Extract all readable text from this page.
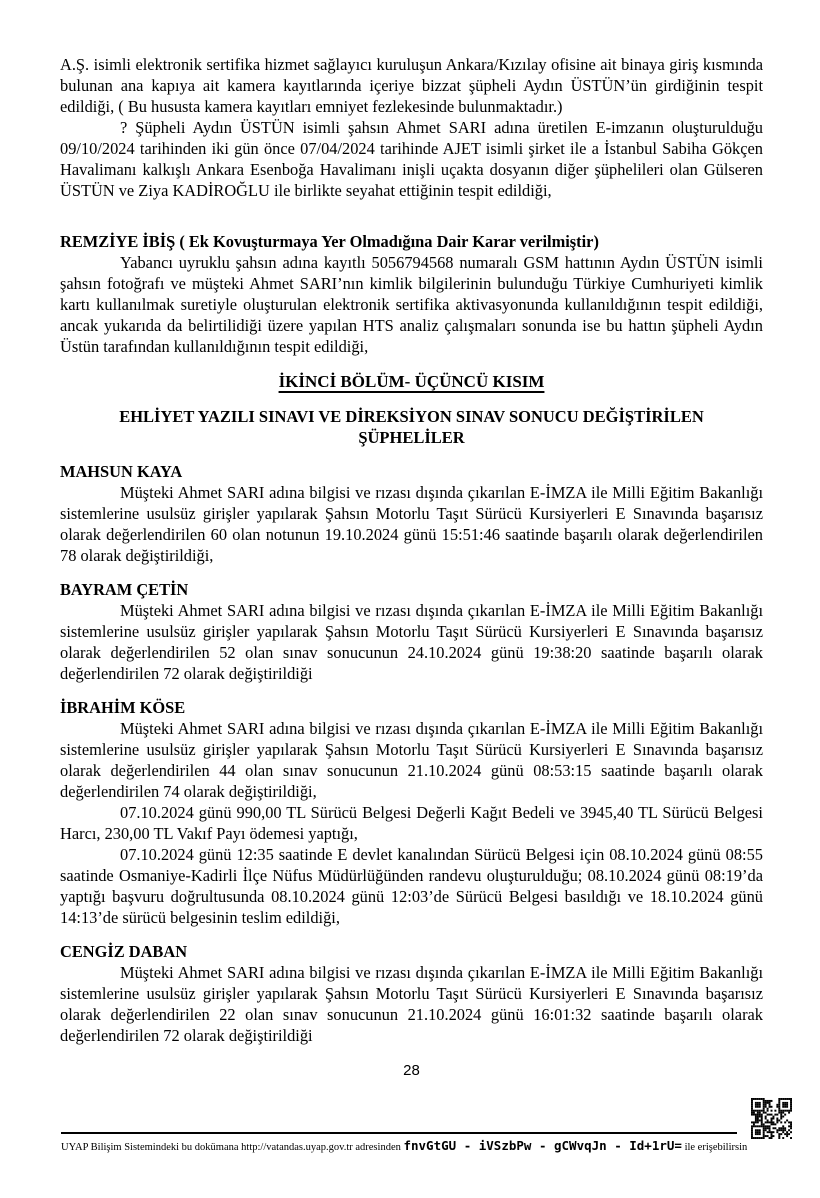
A.Ş. isimli elektronik sertifika hizmet sağlayıcı kuruluşun Ankara/Kızılay ofisine ait binaya giriş kısmında bulunan ana kapıya ait kamera kayıtlarında içeriye bizzat şüpheli Aydın ÜSTÜN’ün girdiğinin tespit edildiği, ( Bu hususta kamera kayıtları emniyet fezlekesinde bulunmaktadır.)

? Şüpheli Aydın ÜSTÜN isimli şahsın Ahmet SARI adına üretilen E-imzanın oluşturulduğu 09/10/2024 tarihinden iki gün önce 07/04/2024 tarihinde AJET isimli şirket ile a İstanbul Sabiha Gökçen Havalimanı kalkışlı Ankara Esenboğa Havalimanı inişli uçakta dosyanın diğer şüphelileri olan Gülseren ÜSTÜN ve Ziya KADİROĞLU ile birlikte seyahat ettiğinin tespit edildiği,

REMZİYE İBİŞ ( Ek Kovuşturmaya Yer Olmadığına Dair Karar verilmiştir)

Yabancı uyruklu şahsın adına kayıtlı 5056794568 numaralı GSM hattının Aydın ÜSTÜN isimli şahsın fotoğrafı ve müşteki Ahmet SARI’nın kimlik bilgilerinin bulunduğu Türkiye Cumhuriyeti kimlik kartı kullanılmak suretiyle oluşturulan elektronik sertifika aktivasyonunda kullanıldığının tespit edildiği, ancak yukarıda da belirtilidiği üzere yapılan HTS analiz çalışmaları sonunda ise bu hattın şüpheli Aydın Üstün tarafından kullanıldığının tespit edildiği,

İKİNCİ BÖLÜM- ÜÇÜNCÜ KISIM

EHLİYET YAZILI SINAVI VE DİREKSİYON SINAV SONUCU DEĞİŞTİRİLEN ŞÜPHELİLER

MAHSUN KAYA

Müşteki Ahmet SARI adına bilgisi ve rızası dışında çıkarılan E-İMZA ile Milli Eğitim Bakanlığı sistemlerine usulsüz girişler yapılarak Şahsın Motorlu Taşıt Sürücü Kursiyerleri E Sınavında başarısız olarak değerlendirilen 60 olan notunun 19.10.2024 günü 15:51:46 saatinde başarılı olarak değerlendirilen 78 olarak değiştirildiği,

BAYRAM ÇETİN

Müşteki Ahmet SARI adına bilgisi ve rızası dışında çıkarılan E-İMZA ile Milli Eğitim Bakanlığı sistemlerine usulsüz girişler yapılarak Şahsın Motorlu Taşıt Sürücü Kursiyerleri E Sınavında başarısız olarak değerlendirilen 52 olan sınav sonucunun 24.10.2024 günü 19:38:20 saatinde başarılı olarak değerlendirilen 72 olarak değiştirildiği

İBRAHİM KÖSE

Müşteki Ahmet SARI adına bilgisi ve rızası dışında çıkarılan E-İMZA ile Milli Eğitim Bakanlığı sistemlerine usulsüz girişler yapılarak Şahsın Motorlu Taşıt Sürücü Kursiyerleri E Sınavında başarısız olarak değerlendirilen 44 olan sınav sonucunun 21.10.2024 günü 08:53:15 saatinde başarılı olarak değerlendirilen 74 olarak değiştirildiği,

07.10.2024 günü 990,00 TL Sürücü Belgesi Değerli Kağıt Bedeli ve 3945,40 TL Sürücü Belgesi Harcı, 230,00 TL Vakıf Payı ödemesi yaptığı,

07.10.2024 günü 12:35 saatinde E devlet kanalından Sürücü Belgesi için 08.10.2024 günü 08:55 saatinde Osmaniye-Kadirli İlçe Nüfus Müdürlüğünden randevu oluşturulduğu; 08.10.2024 günü 08:19’da yaptığı başvuru doğrultusunda 08.10.2024 günü 12:03’de Sürücü Belgesi basıldığı ve 18.10.2024 günü 14:13’de sürücü belgesinin teslim edildiği,

CENGİZ DABAN

Müşteki Ahmet SARI adına bilgisi ve rızası dışında çıkarılan E-İMZA ile Milli Eğitim Bakanlığı sistemlerine usulsüz girişler yapılarak Şahsın Motorlu Taşıt Sürücü Kursiyerleri E Sınavında başarısız olarak değerlendirilen 22 olan sınav sonucunun 21.10.2024 günü 16:01:32 saatinde başarılı olarak değerlendirilen 72 olarak değiştirildiği

28

UYAP Bilişim Sistemindeki bu dokümana http://vatandas.uyap.gov.tr adresinden fnvGtGU - iVSzbPw - gCWvqJn - Id+1rU= ile erişebilirsin
